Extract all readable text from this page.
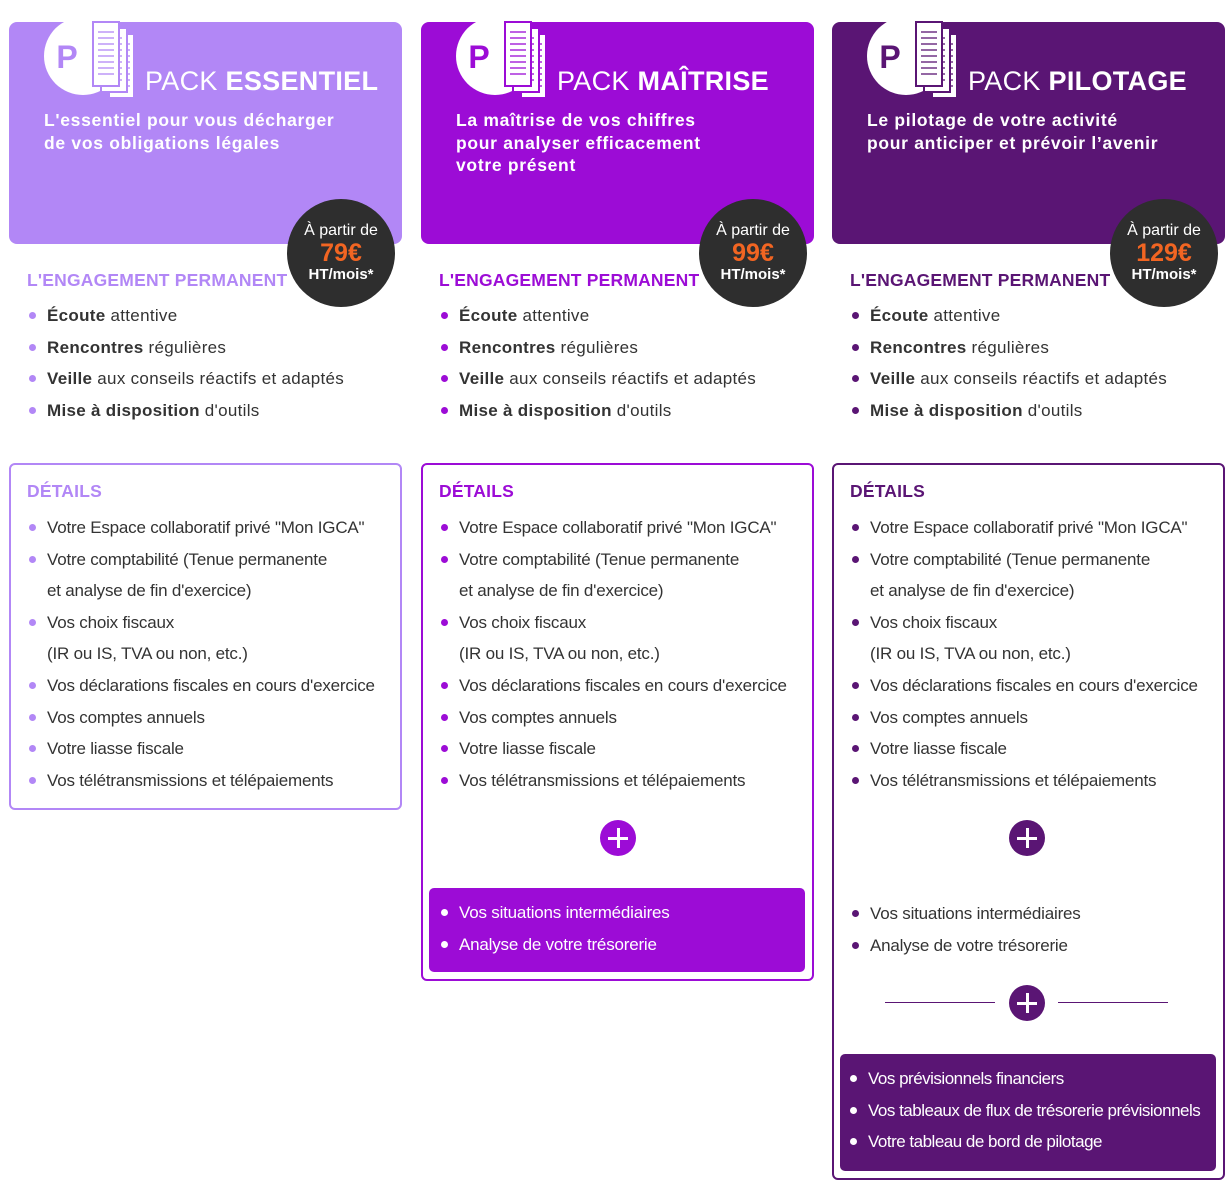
À partir de
79€
HT/mois*
PACK ESSENTIEL
L'essentiel pour vous décharger
de vos obligations légales
L'ENGAGEMENT PERMANENT
Écoute attentive
Rencontres régulières
Veille aux conseils réactifs et adaptés
Mise à disposition d'outils
DÉTAILS
Votre Espace collaboratif privé "Mon IGCA"
Votre comptabilité (Tenue permanente
et analyse de fin d'exercice)
Vos choix fiscaux
(IR ou IS, TVA ou non, etc.)
Vos déclarations fiscales en cours d'exercice
Vos comptes annuels
Votre liasse fiscale
Vos télétransmissions et télépaiements
P
À partir de
99€
HT/mois*
PACK MAÎTRISE
La maîtrise de vos chiffres
pour analyser efficacement
votre présent
L'ENGAGEMENT PERMANENT
Écoute attentive
Rencontres régulières
Veille aux conseils réactifs et adaptés
Mise à disposition d'outils
DÉTAILS
Votre Espace collaboratif privé "Mon IGCA"
Votre comptabilité (Tenue permanente
et analyse de fin d'exercice)
Vos choix fiscaux
(IR ou IS, TVA ou non, etc.)
Vos déclarations fiscales en cours d'exercice
Vos comptes annuels
Votre liasse fiscale
Vos télétransmissions et télépaiements
Vos situations intermédiaires
Analyse de votre trésorerie
P
À partir de
129€
HT/mois*
PACK PILOTAGE
Le pilotage de votre activité
pour anticiper et prévoir l’avenir
L'ENGAGEMENT PERMANENT
Écoute attentive
Rencontres régulières
Veille aux conseils réactifs et adaptés
Mise à disposition d'outils
DÉTAILS
Votre Espace collaboratif privé "Mon IGCA"
Votre comptabilité (Tenue permanente
et analyse de fin d'exercice)
Vos choix fiscaux
(IR ou IS, TVA ou non, etc.)
Vos déclarations fiscales en cours d'exercice
Vos comptes annuels
Votre liasse fiscale
Vos télétransmissions et télépaiements
Vos situations intermédiaires
Analyse de votre trésorerie
Vos prévisionnels financiers
Vos tableaux de flux de trésorerie prévisionnels
Votre tableau de bord de pilotage
P
